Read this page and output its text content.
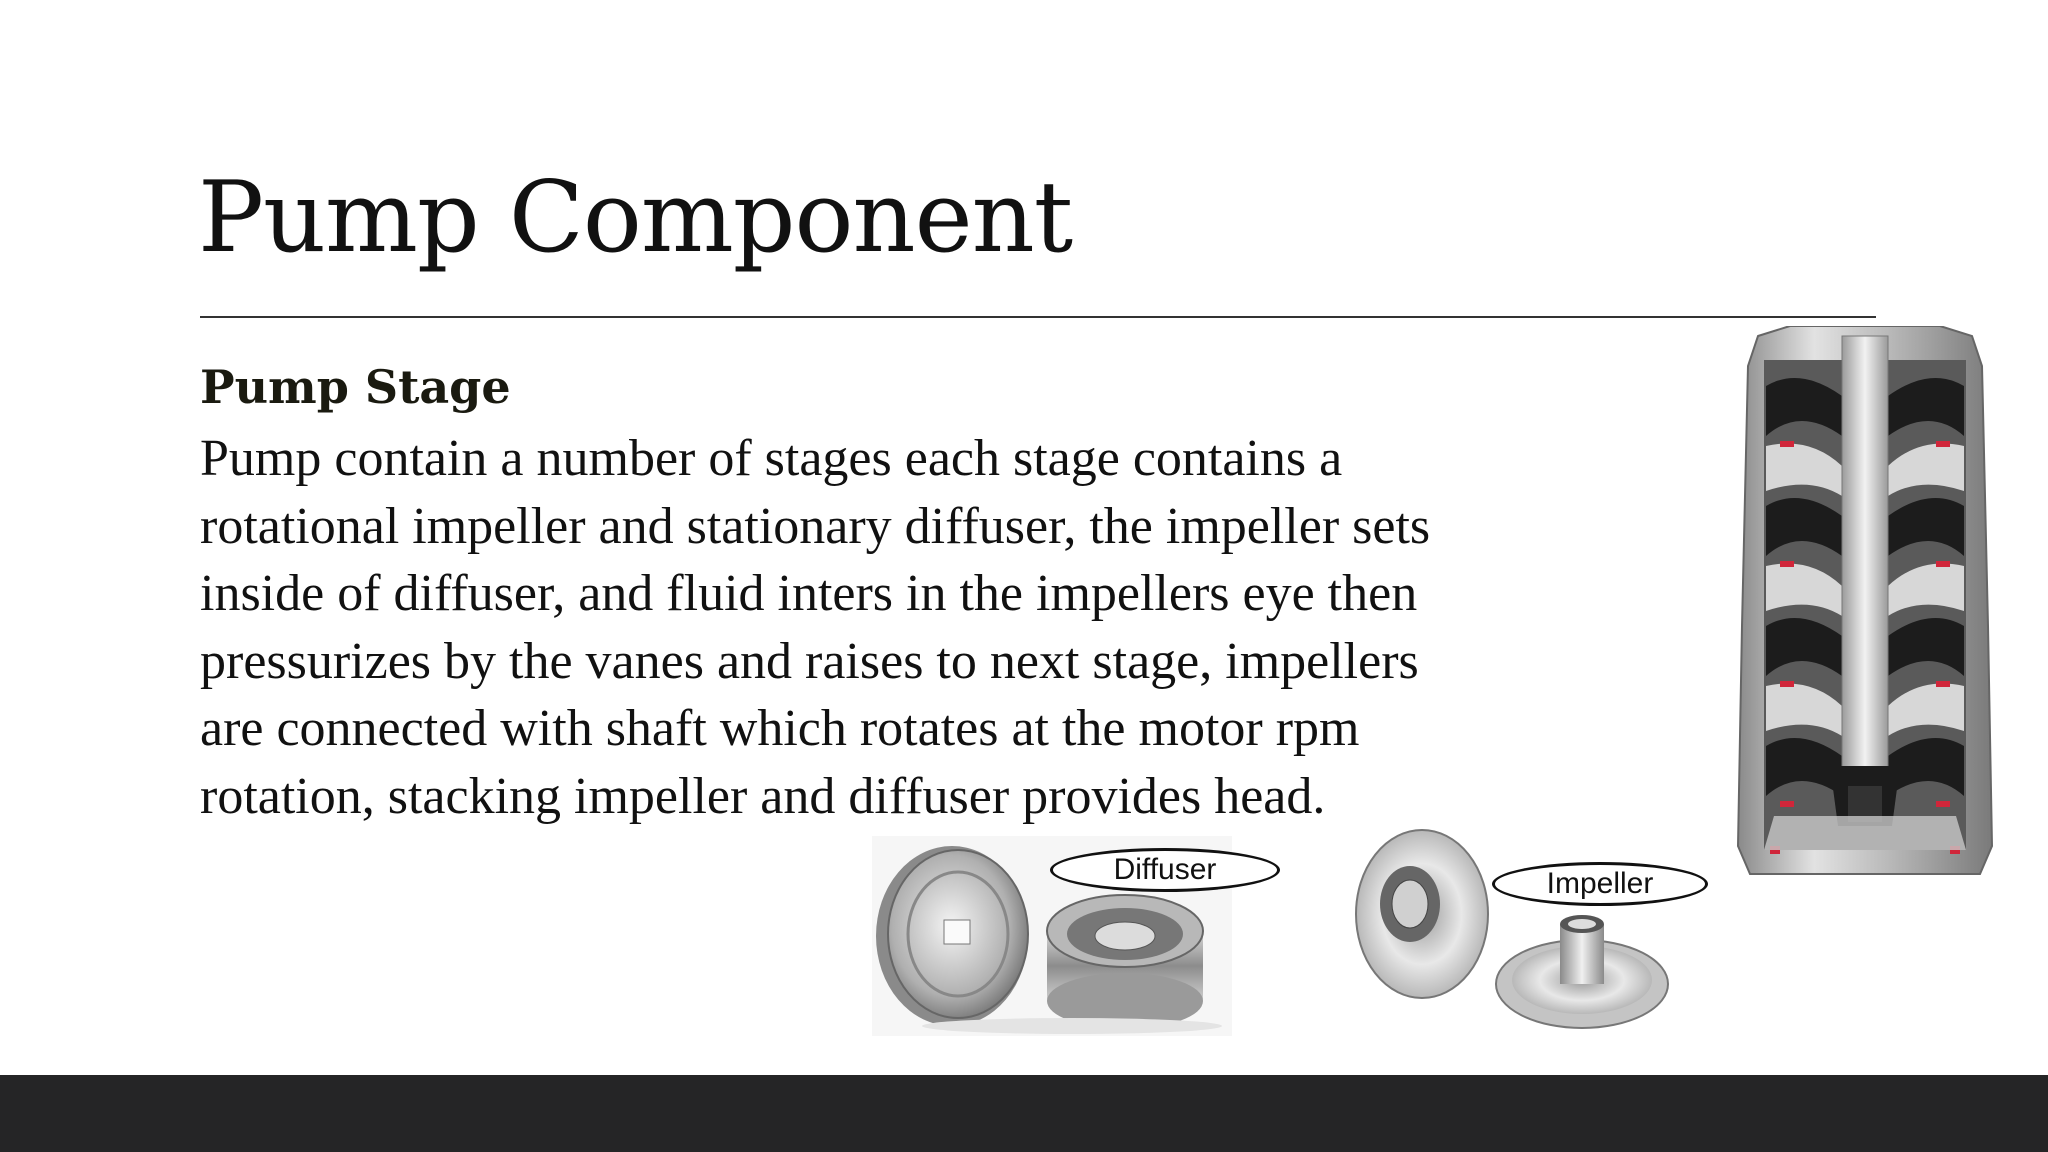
Pump Component
Pump Stage
Pump contain a number of stages each stage contains a
rotational impeller and stationary diffuser, the impeller sets
inside of diffuser, and fluid inters in the impellers eye then
pressurizes by the vanes and raises to next stage, impellers
are connected with shaft which rotates at the motor rpm
rotation, stacking impeller and diffuser provides head.
Diffuser	Impeller
